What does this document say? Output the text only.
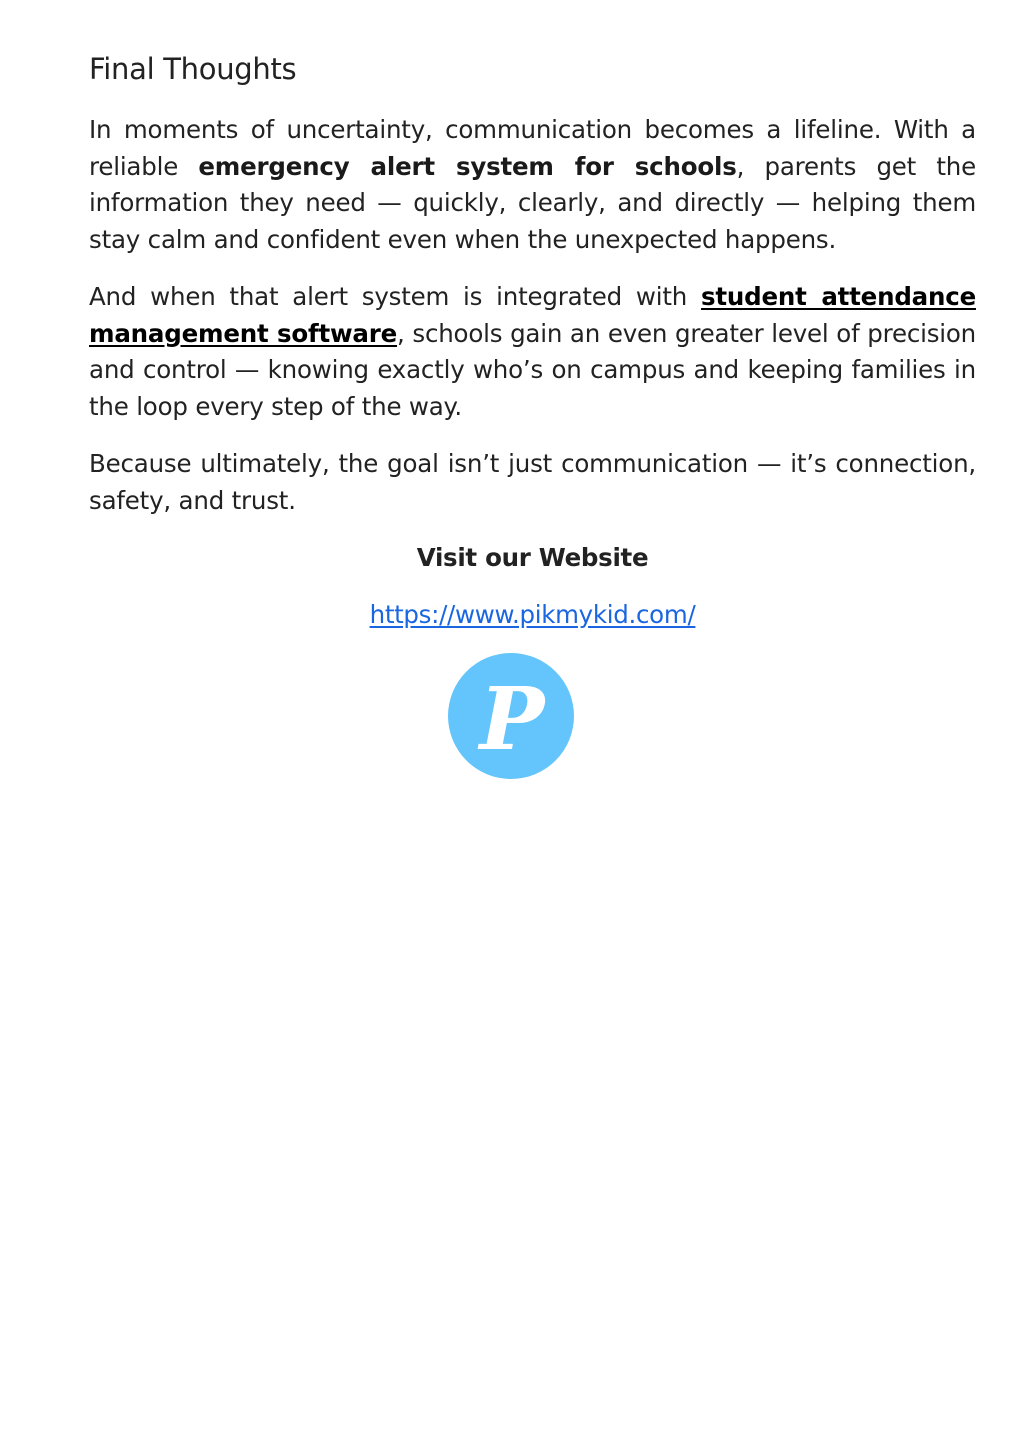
Final Thoughts

In moments of uncertainty, communication becomes a lifeline. With a reliable emergency alert system for schools, parents get the information they need — quickly, clearly, and directly — helping them stay calm and confident even when the unexpected happens.

And when that alert system is integrated with student attendance management software, schools gain an even greater level of precision and control — knowing exactly who’s on campus and keeping families in the loop every step of the way.

Because ultimately, the goal isn’t just communication — it’s connection, safety, and trust.

Visit our Website

https://www.pikmykid.com/
P
